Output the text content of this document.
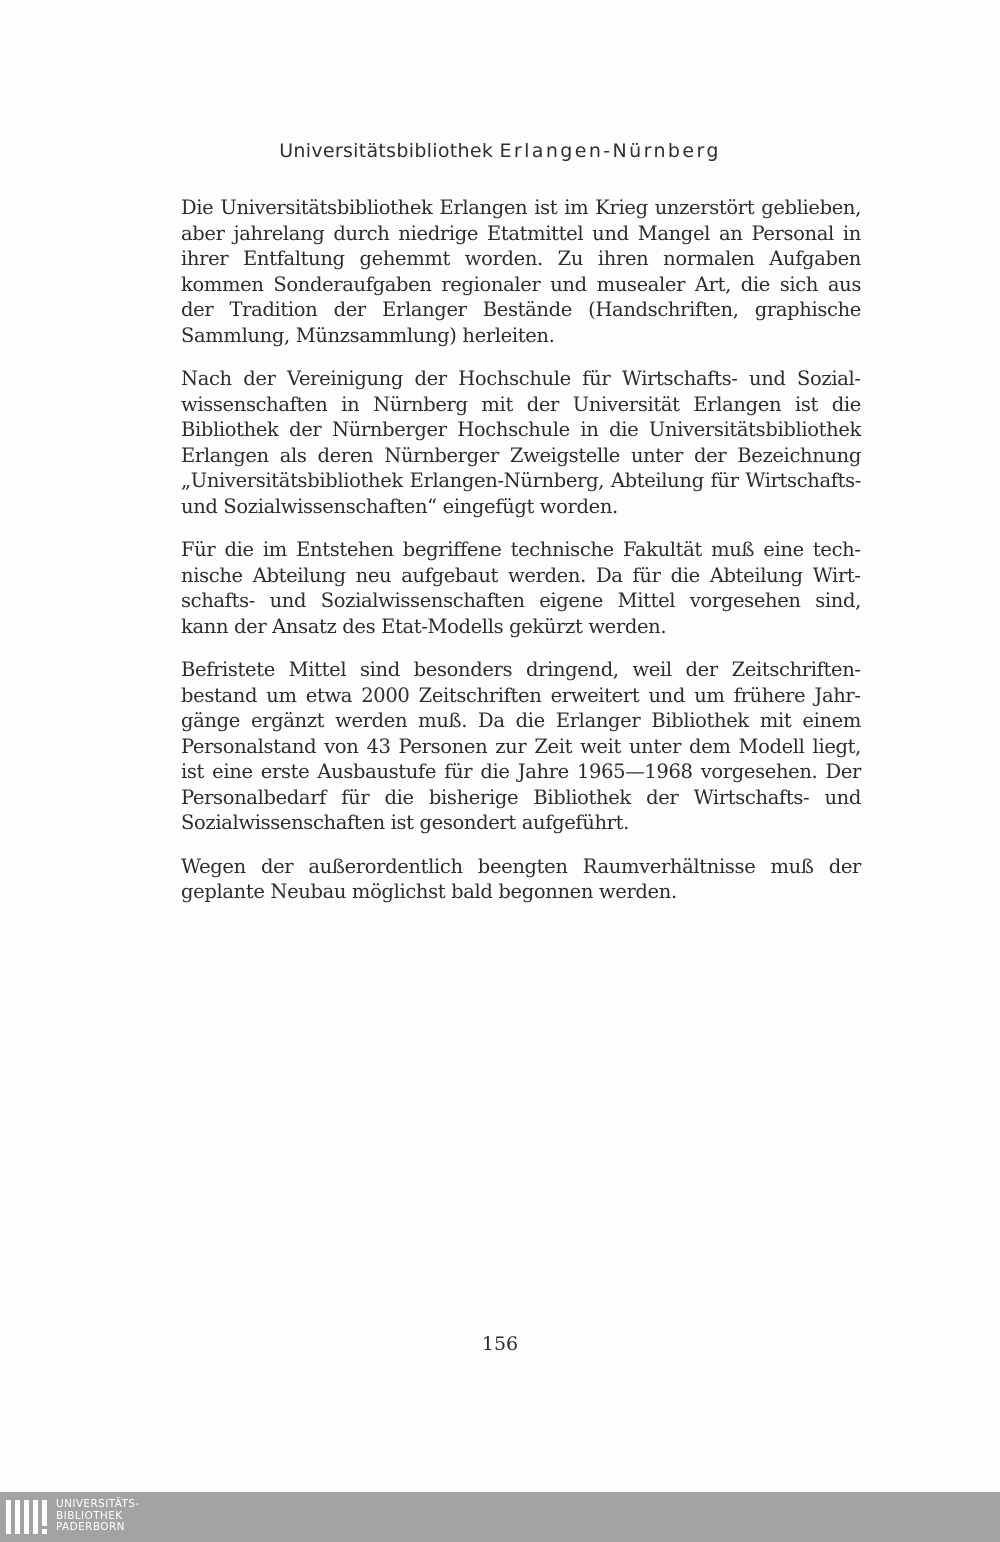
Universitätsbibliothek Erlangen-Nürnberg

Die Universitätsbibliothek Erlangen ist im Krieg unzerstört geblieben, aber jahrelang durch niedrige Etatmittel und Mangel an Personal in ihrer Entfaltung gehemmt worden. Zu ihren normalen Aufgaben kommen Sonderaufgaben regionaler und musealer Art, die sich aus der Tradition der Erlanger Bestände (Handschriften, graphische Sammlung, Münzsammlung) herleiten.

Nach der Vereinigung der Hochschule für Wirtschafts- und Sozialwissenschaften in Nürnberg mit der Universität Erlangen ist die Bibliothek der Nürnberger Hochschule in die Universitätsbibliothek Erlangen als deren Nürnberger Zweigstelle unter der Bezeichnung „Universitätsbibliothek Erlangen-Nürnberg, Abteilung für Wirtschafts- und Sozialwissenschaften“ eingefügt worden.

Für die im Entstehen begriffene technische Fakultät muß eine technische Abteilung neu aufgebaut werden. Da für die Abteilung Wirtschafts- und Sozialwissenschaften eigene Mittel vorgesehen sind, kann der Ansatz des Etat-Modells gekürzt werden.

Befristete Mittel sind besonders dringend, weil der Zeitschriftenbestand um etwa 2000 Zeitschriften erweitert und um frühere Jahrgänge ergänzt werden muß. Da die Erlanger Bibliothek mit einem Personalstand von 43 Personen zur Zeit weit unter dem Modell liegt, ist eine erste Ausbaustufe für die Jahre 1965—1968 vorgesehen. Der Personalbedarf für die bisherige Bibliothek der Wirtschafts- und Sozialwissenschaften ist gesondert aufgeführt.

Wegen der außerordentlich beengten Raumverhältnisse muß der geplante Neubau möglichst bald begonnen werden.

156
UNIVERSITÄTS-
BIBLIOTHEK
PADERBORN
